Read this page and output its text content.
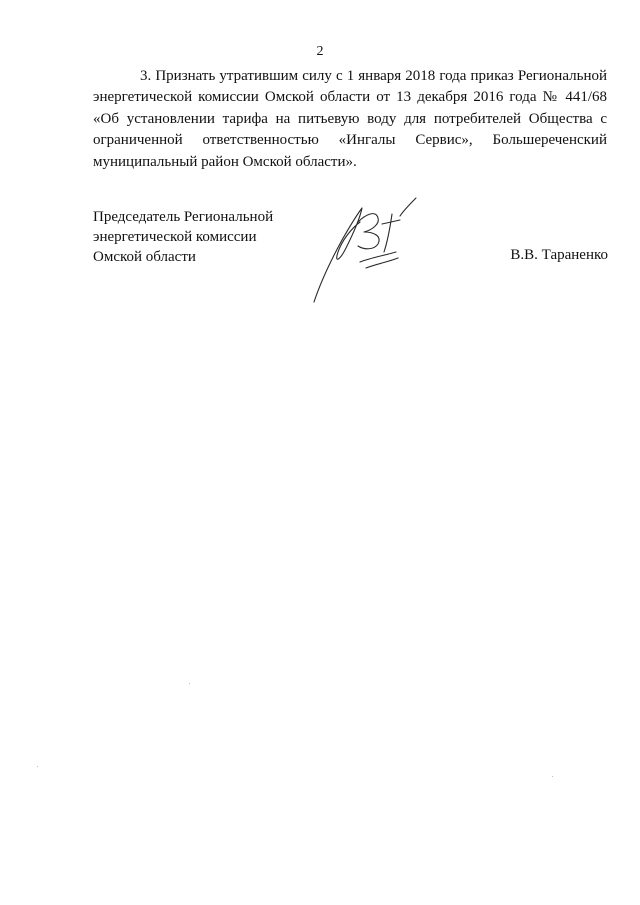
2

3. Признать утратившим силу с 1 января 2018 года приказ Региональной энергетической комиссии Омской области от 13 декабря 2016 года № 441/68 «Об установлении тарифа на питьевую воду для потребителей Общества с ограниченной ответственностью «Ингалы Сервис», Большереченский муниципальный район Омской области».

Председатель Региональной
энергетической комиссии
Омской области	В.В. Тараненко
